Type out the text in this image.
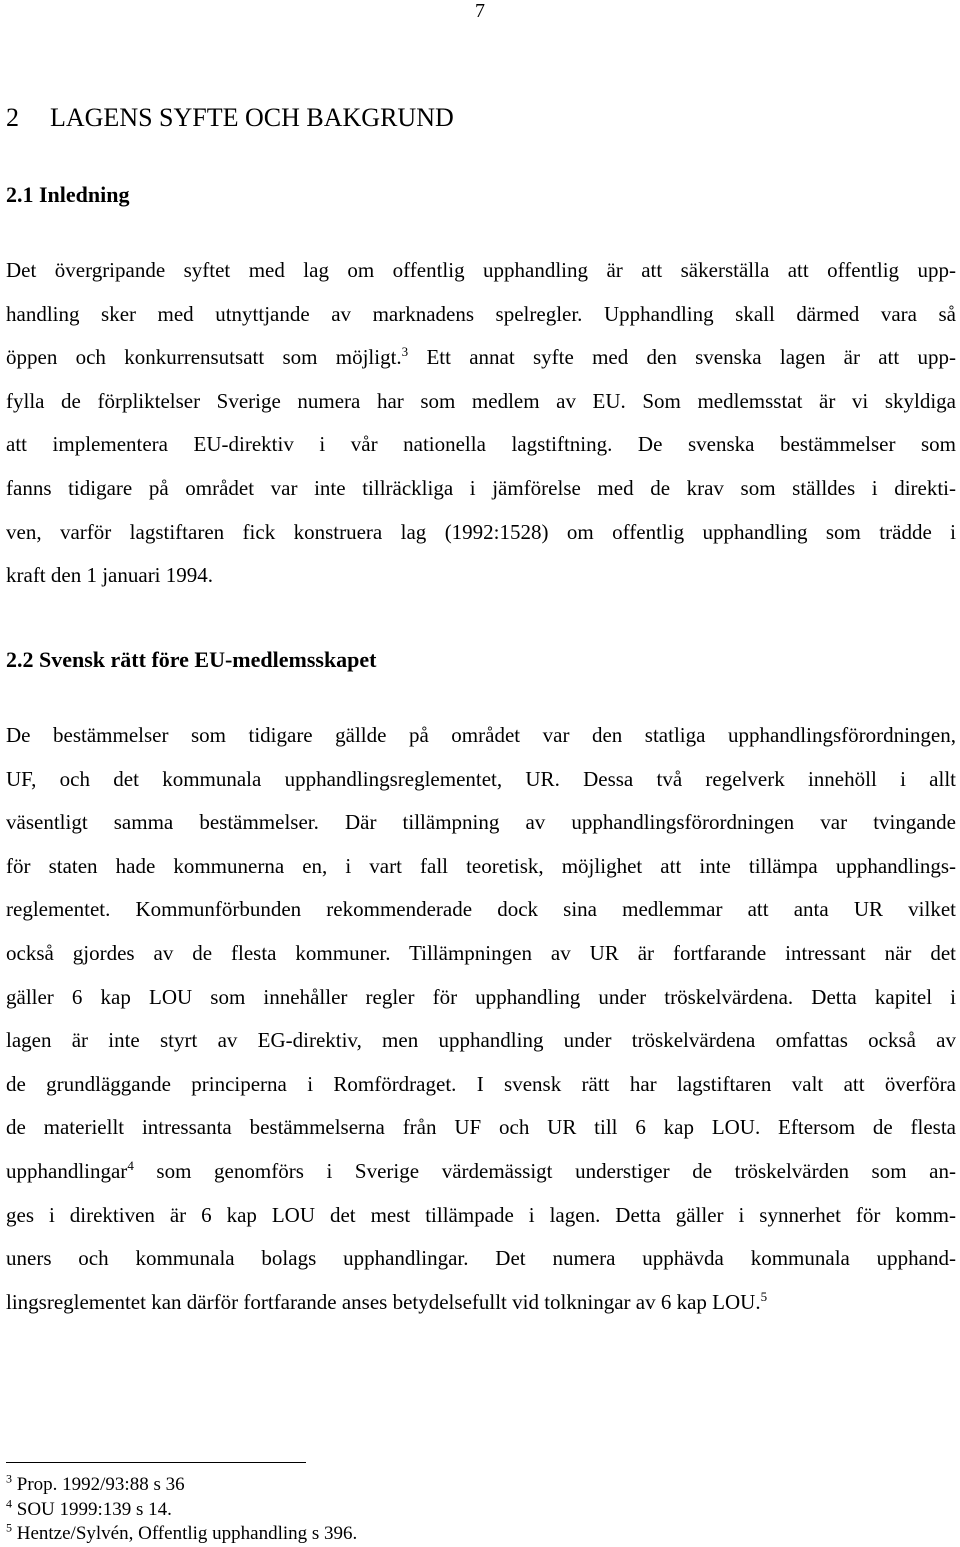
7
2 LAGENS SYFTE OCH BAKGRUND
2.1 Inledning
Det övergripande syftet med lag om offentlig upphandling är att säkerställa att offentlig upp-
handling sker med utnyttjande av marknadens spelregler. Upphandling skall därmed vara så
öppen och konkurrensutsatt som möjligt.$^3$ Ett annat syfte med den svenska lagen är att upp-
fylla de förpliktelser Sverige numera har som medlem av EU. Som medlemsstat är vi skyldiga
att implementera EU-direktiv i vår nationella lagstiftning. De svenska bestämmelser som
fanns tidigare på området var inte tillräckliga i jämförelse med de krav som ställdes i direkti-
ven, varför lagstiftaren fick konstruera lag (1992:1528) om offentlig upphandling som trädde i
kraft den 1 januari 1994.
2.2 Svensk rätt före EU-medlemsskapet
De bestämmelser som tidigare gällde på området var den statliga upphandlingsförordningen,
UF, och det kommunala upphandlingsreglementet, UR. Dessa två regelverk innehöll i allt
väsentligt samma bestämmelser. Där tillämpning av upphandlingsförordningen var tvingande
för staten hade kommunerna en, i vart fall teoretisk, möjlighet att inte tillämpa upphandlings-
reglementet. Kommunförbunden rekommenderade dock sina medlemmar att anta UR vilket
också gjordes av de flesta kommuner. Tillämpningen av UR är fortfarande intressant när det
gäller 6 kap LOU som innehåller regler för upphandling under tröskelvärdena. Detta kapitel i
lagen är inte styrt av EG-direktiv, men upphandling under tröskelvärdena omfattas också av
de grundläggande principerna i Romfördraget. I svensk rätt har lagstiftaren valt att överföra
de materiellt intressanta bestämmelserna från UF och UR till 6 kap LOU. Eftersom de flesta
upphandlingar$^4$ som genomförs i Sverige värdemässigt understiger de tröskelvärden som an-
ges i direktiven är 6 kap LOU det mest tillämpade i lagen. Detta gäller i synnerhet för komm-
uners och kommunala bolags upphandlingar. Det numera upphävda kommunala upphand-
lingsreglementet kan därför fortfarande anses betydelsefullt vid tolkningar av 6 kap LOU.$^5$
$^3$ Prop. 1992/93:88 s 36
$^4$ SOU 1999:139 s 14.
$^5$ Hentze/Sylvén, Offentlig upphandling s 396.
